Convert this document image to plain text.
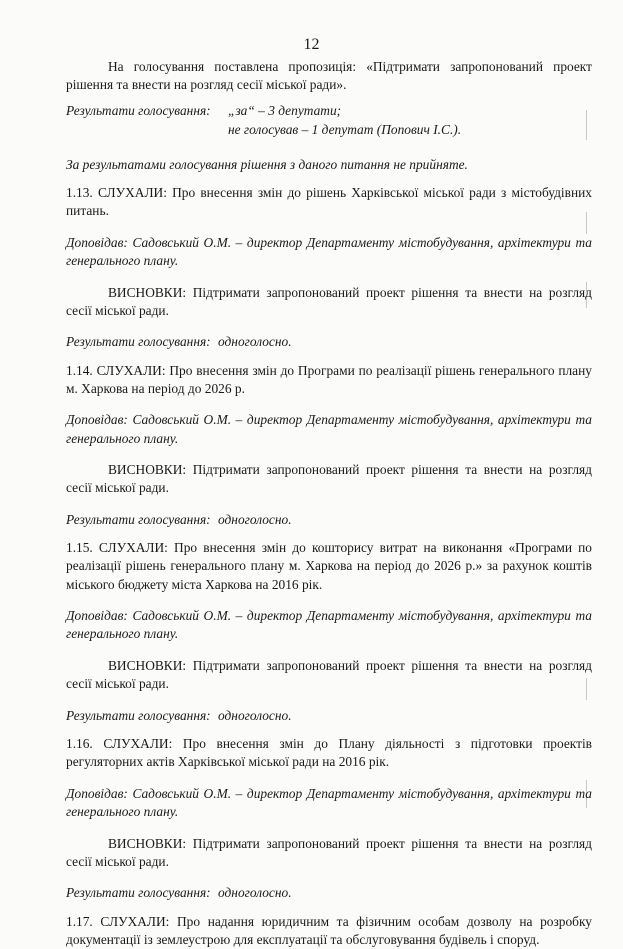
12

На голосування поставлена пропозиція: «Підтримати запропонований проект рішення та внести на розгляд сесії міської ради».

Результати голосування:	„за“ – 3 депутати;
не голосував – 1 депутат (Попович І.С.).

За результатами голосування рішення з даного питання не прийняте.

1.13. СЛУХАЛИ: Про внесення змін до рішень Харківської міської ради з містобудівних питань.

Доповідав: Садовський О.М. – директор Департаменту містобудування, архітектури та генерального плану.

ВИСНОВКИ: Підтримати запропонований проект рішення та внести на розгляд сесії міської ради.

Результати голосування: одноголосно.

1.14. СЛУХАЛИ: Про внесення змін до Програми по реалізації рішень генерального плану м. Харкова на період до 2026 р.

Доповідав: Садовський О.М. – директор Департаменту містобудування, архітектури та генерального плану.

ВИСНОВКИ: Підтримати запропонований проект рішення та внести на розгляд сесії міської ради.

Результати голосування: одноголосно.

1.15. СЛУХАЛИ: Про внесення змін до кошторису витрат на виконання «Програми по реалізації рішень генерального плану м. Харкова на період до 2026 р.» за рахунок коштів міського бюджету міста Харкова на 2016 рік.

Доповідав: Садовський О.М. – директор Департаменту містобудування, архітектури та генерального плану.

ВИСНОВКИ: Підтримати запропонований проект рішення та внести на розгляд сесії міської ради.

Результати голосування: одноголосно.

1.16. СЛУХАЛИ: Про внесення змін до Плану діяльності з підготовки проектів регуляторних актів Харківської міської ради на 2016 рік.

Доповідав: Садовський О.М. – директор Департаменту містобудування, архітектури та генерального плану.

ВИСНОВКИ: Підтримати запропонований проект рішення та внести на розгляд сесії міської ради.

Результати голосування: одноголосно.

1.17. СЛУХАЛИ: Про надання юридичним та фізичним особам дозволу на розробку документації із землеустрою для експлуатації та обслуговування будівель і споруд.
